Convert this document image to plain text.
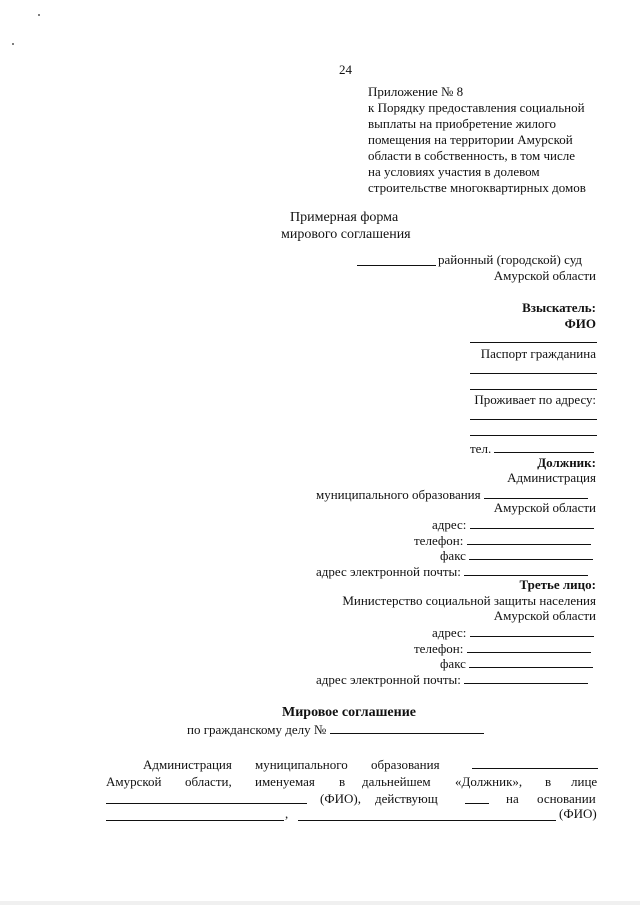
24
Приложение № 8
к Порядку предоставления социальной
выплаты на приобретение жилого
помещения на территории Амурской
области в собственность, в том числе
на условиях участия в долевом
строительстве многоквартирных домов
Примерная форма
мирового соглашения
районный (городской) суд
Амурской области
Взыскатель:
ФИО
Паспорт гражданина
Проживает по адресу:
тел.
Должник:
Администрация
муниципального образования
Амурской области
адрес:
телефон:
факс
адрес электронной почты:
Третье лицо:
Министерство социальной защиты населения
Амурской области
адрес:
телефон:
факс
адрес электронной почты:
Мировое соглашение
по гражданскому делу №
Администрация муниципального образования
Амурской области, именуемая в дальнейшем «Должник», в лице
(ФИО), действующ	на основании
,	(ФИО)
